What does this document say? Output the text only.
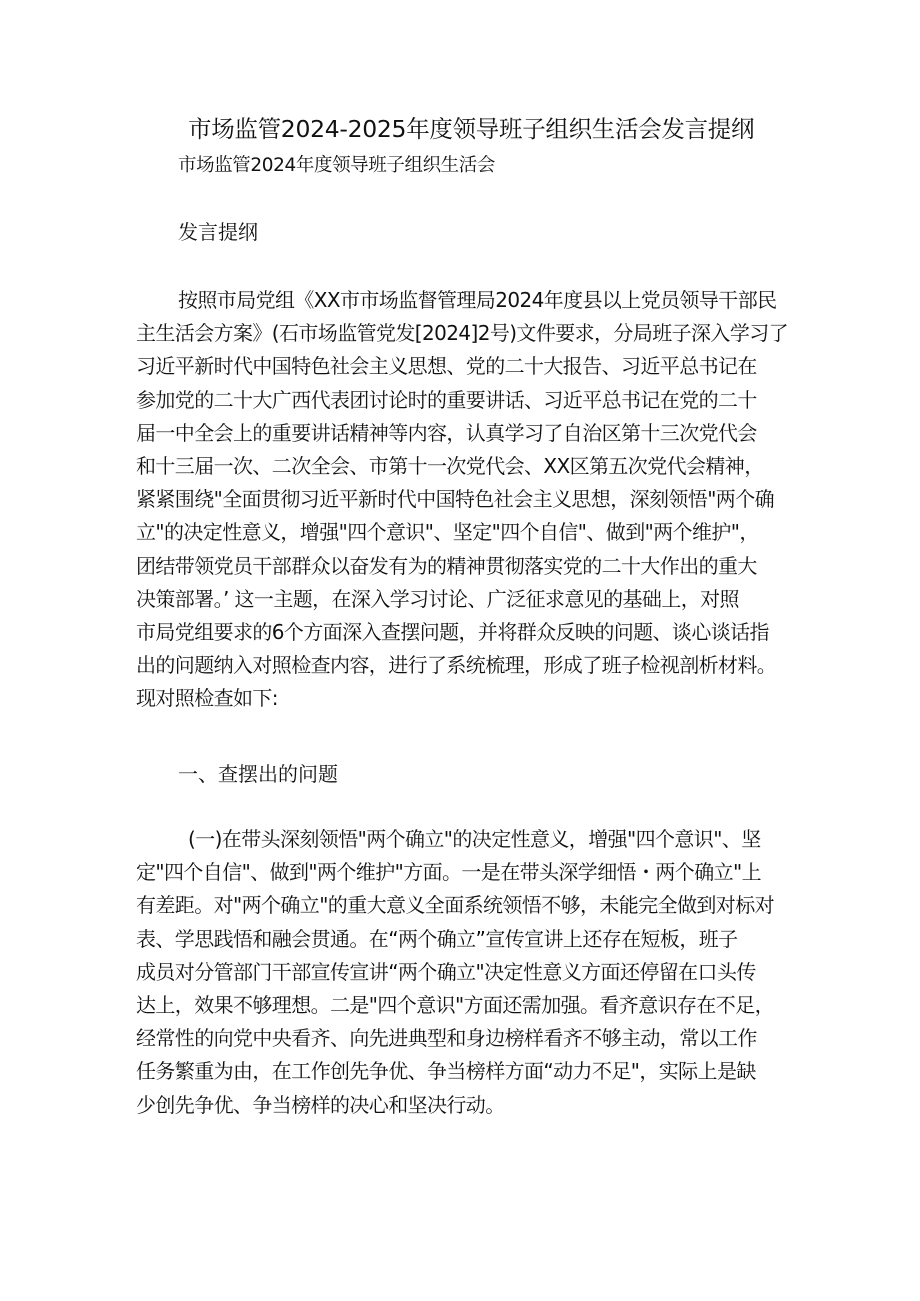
市场监管2024-2025年度领导班子组织生活会发言提纲
市场监管2024年度领导班子组织生活会
发言提纲
按照市局党组《XX市市场监督管理局2024年度县以上党员领导干部民
主生活会方案》(石市场监管党发[2024]2号)文件要求，分局班子深入学习了
习近平新时代中国特色社会主义思想、党的二十大报告、习近平总书记在
参加党的二十大广西代表团讨论时的重要讲话、习近平总书记在党的二十
届一中全会上的重要讲话精神等内容，认真学习了自治区第十三次党代会
和十三届一次、二次全会、市第十一次党代会、XX区第五次党代会精神，
紧紧围绕"全面贯彻习近平新时代中国特色社会主义思想，深刻领悟"两个确
立"的决定性意义，增强"四个意识"、坚定"四个自信"、做到"两个维护"，
团结带领党员干部群众以奋发有为的精神贯彻落实党的二十大作出的重大
决策部署。’ 这一主题，在深入学习讨论、广泛征求意见的基础上，对照
市局党组要求的6个方面深入查摆问题，并将群众反映的问题、谈心谈话指
出的问题纳入对照检查内容，进行了系统梳理，形成了班子检视剖析材料。
现对照检查如下:
一、查摆出的问题
(一)在带头深刻领悟"两个确立"的决定性意义，增强"四个意识"、坚
定"四个自信"、做到"两个维护"方面。一是在带头深学细悟・两个确立"上
有差距。对"两个确立"的重大意义全面系统领悟不够，未能完全做到对标对
表、学思践悟和融会贯通。在“两个确立”宣传宣讲上还存在短板，班子
成员对分管部门干部宣传宣讲“两个确立"决定性意义方面还停留在口头传
达上，效果不够理想。二是"四个意识"方面还需加强。看齐意识存在不足，
经常性的向党中央看齐、向先进典型和身边榜样看齐不够主动，常以工作
任务繁重为由，在工作创先争优、争当榜样方面“动力不足"，实际上是缺
少创先争优、争当榜样的决心和坚决行动。
